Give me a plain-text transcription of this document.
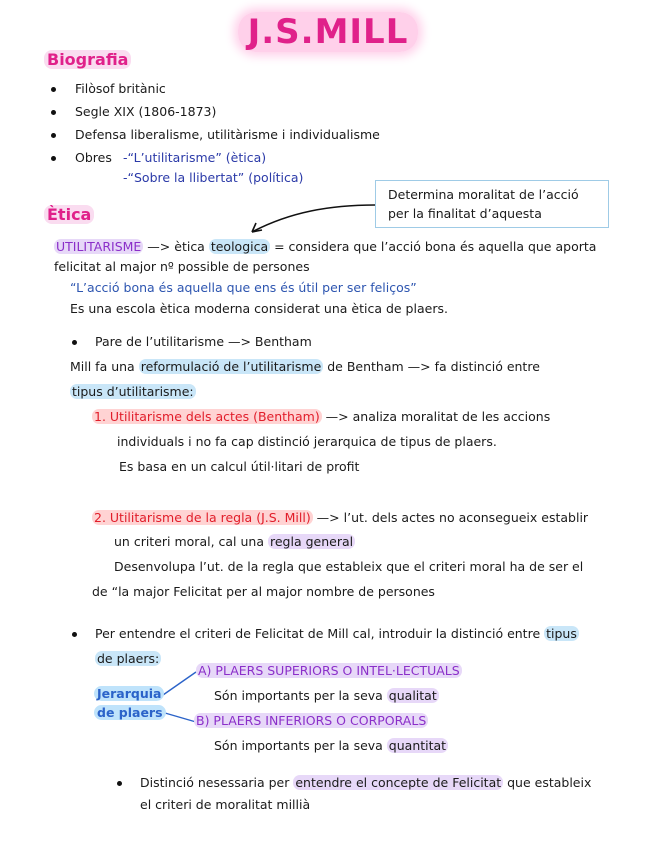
J.S.MILL
Biografia
Filòsof britànic
Segle XIX (1806-1873)
Defensa liberalisme, utilitàrisme i individualisme
Obres -“L’utilitarisme” (ètica)
-“Sobre la llibertat” (política)
Determina moralitat de l’acció
per la finalitat d’aquesta
Ètica
UTILITARISME —> ètica teologica = considera que l’acció bona és aquella que aporta
felicitat al major nº possible de persones
“L’acció bona és aquella que ens és útil per ser feliços”
Es una escola ètica moderna considerat una ètica de plaers.
Pare de l’utilitarisme —> Bentham
Mill fa una reformulació de l’utilitarisme de Bentham —> fa distinció entre
tipus d’utilitarisme:
1. Utilitarisme dels actes (Bentham) —> analiza moralitat de les accions
individuals i no fa cap distinció jerarquica de tipus de plaers.
Es basa en un calcul útil·litari de profit
2. Utilitarisme de la regla (J.S. Mill) —> l’ut. dels actes no aconsegueix establir
un criteri moral, cal una regla general
Desenvolupa l’ut. de la regla que estableix que el criteri moral ha de ser el
de “la major Felicitat per al major nombre de persones
Per entendre el criteri de Felicitat de Mill cal, introduir la distinció entre tipus
de plaers:
Jerarquia
de plaers
A) PLAERS SUPERIORS O INTEL·LECTUALS
Són importants per la seva qualitat
B) PLAERS INFERIORS O CORPORALS
Són importants per la seva quantitat
Distinció nesessaria per entendre el concepte de Felicitat que estableix
el criteri de moralitat millià
